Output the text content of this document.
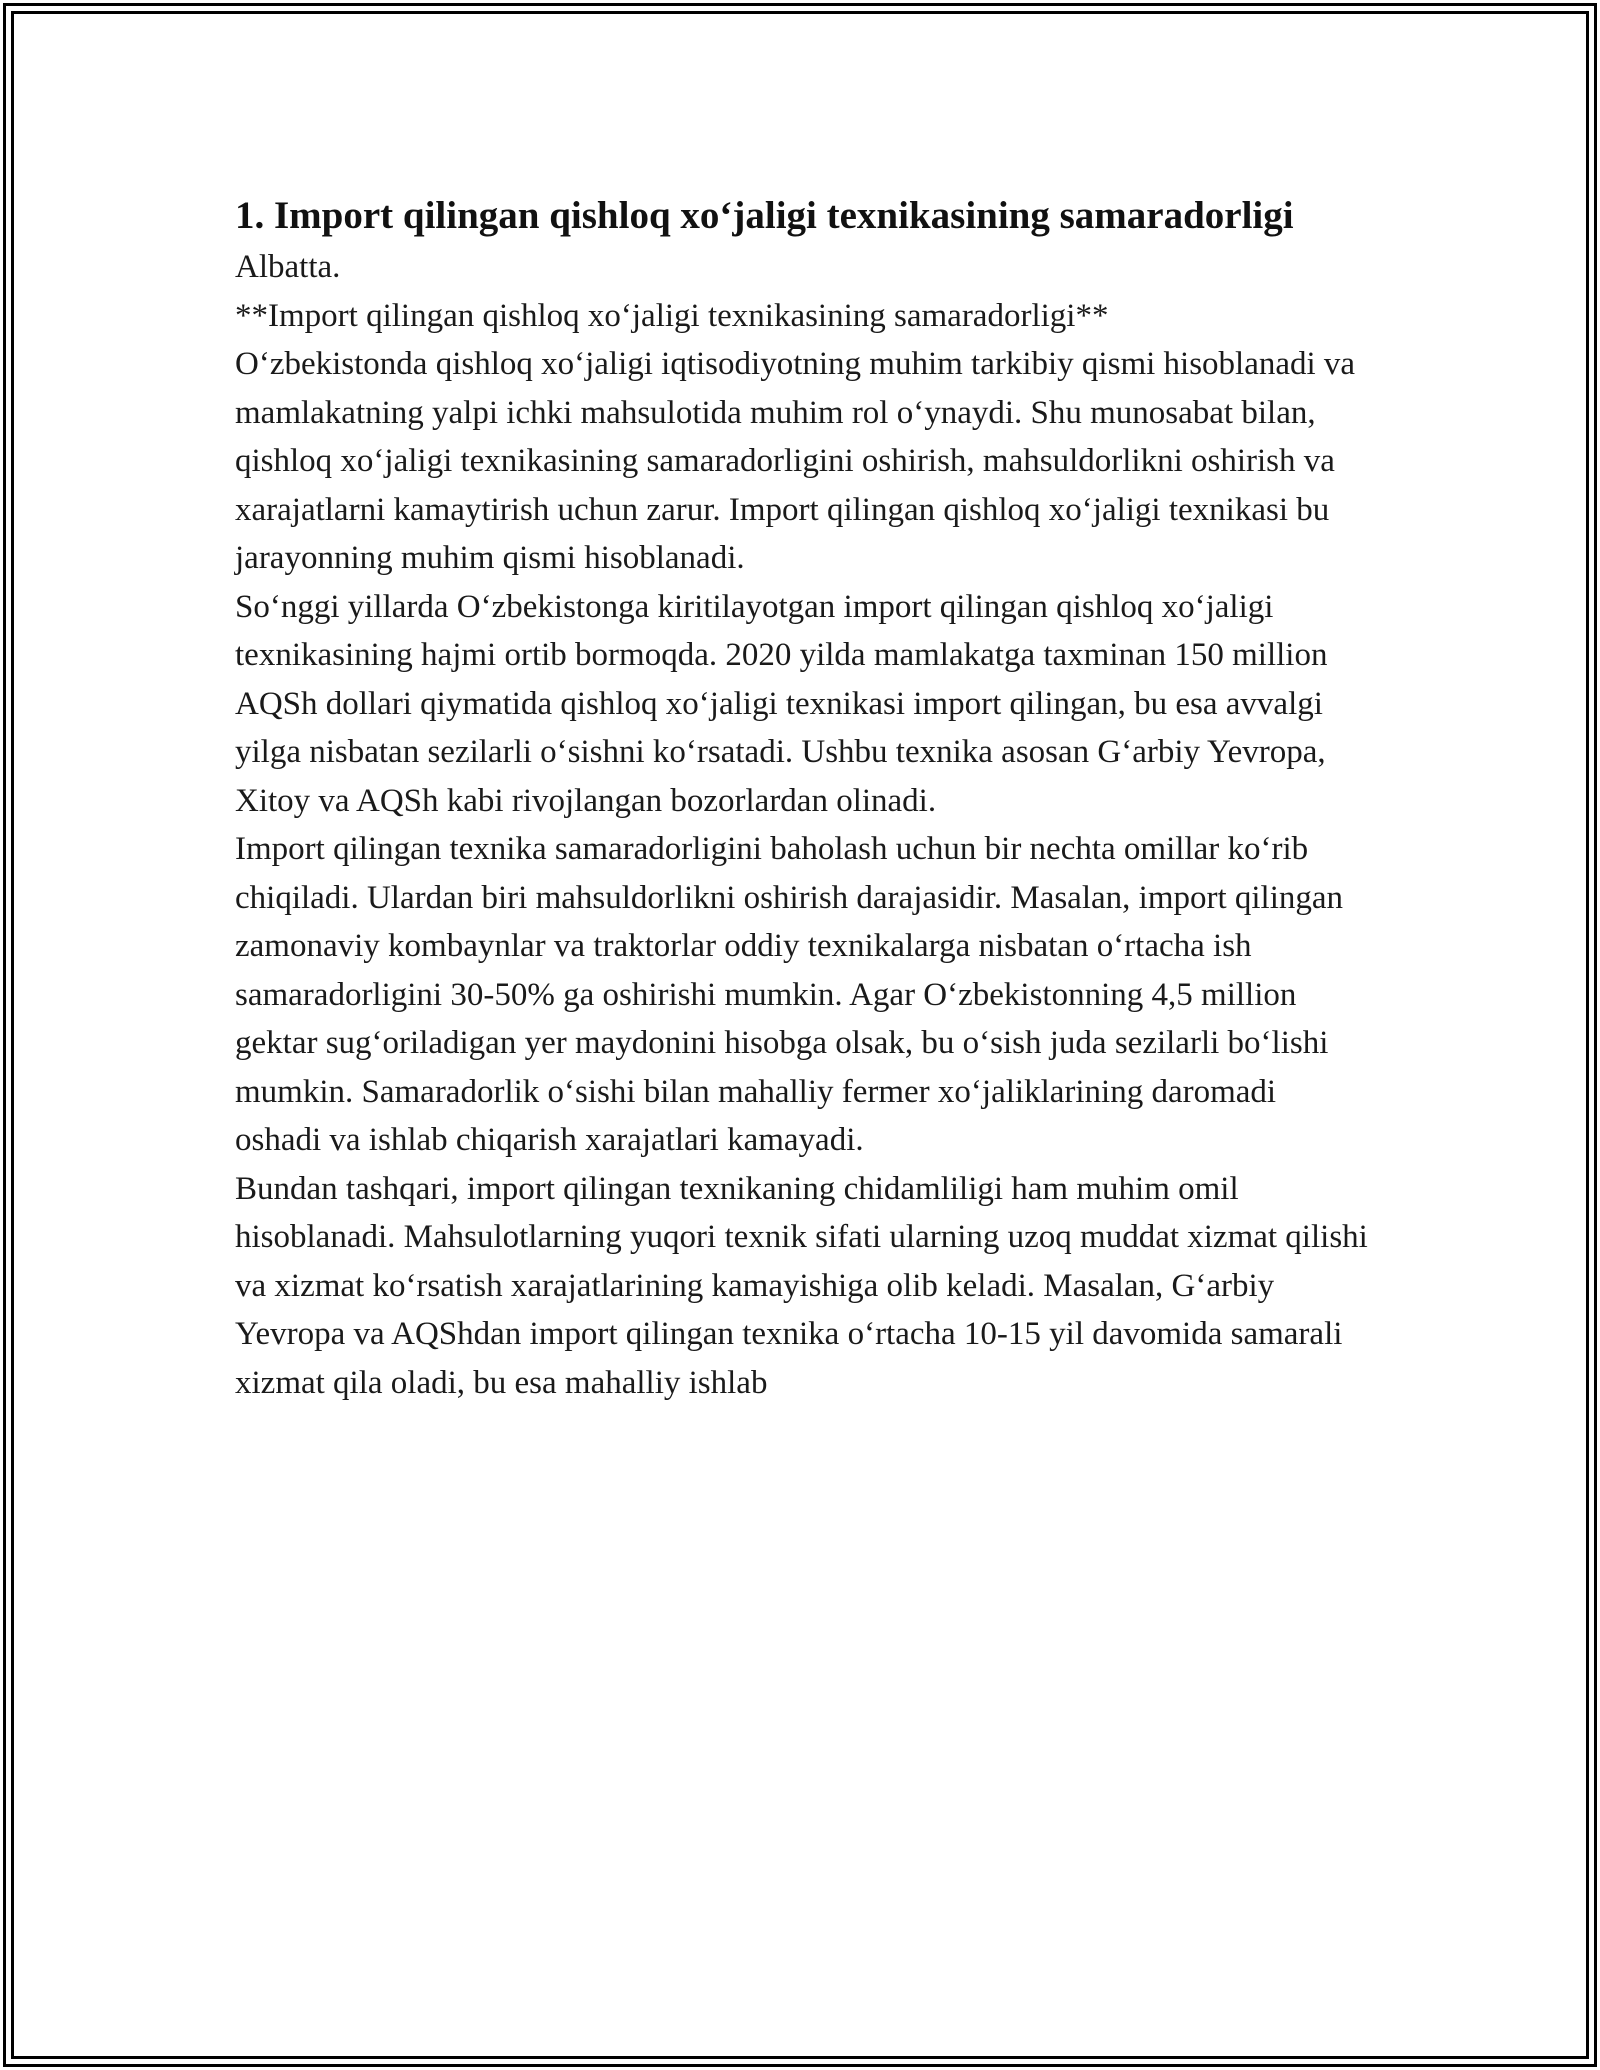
1. Import qilingan qishloq xo‘jaligi texnikasining samaradorligi

Albatta.

**Import qilingan qishloq xo‘jaligi texnikasining samaradorligi**

O‘zbekistonda qishloq xo‘jaligi iqtisodiyotning muhim tarkibiy qismi hisoblanadi va mamlakatning yalpi ichki mahsulotida muhim rol o‘ynaydi. Shu munosabat bilan, qishloq xo‘jaligi texnikasining samaradorligini oshirish, mahsuldorlikni oshirish va xarajatlarni kamaytirish uchun zarur. Import qilingan qishloq xo‘jaligi texnikasi bu jarayonning muhim qismi hisoblanadi.

So‘nggi yillarda O‘zbekistonga kiritilayotgan import qilingan qishloq xo‘jaligi texnikasining hajmi ortib bormoqda. 2020 yilda mamlakatga taxminan 150 million AQSh dollari qiymatida qishloq xo‘jaligi texnikasi import qilingan, bu esa avvalgi yilga nisbatan sezilarli o‘sishni ko‘rsatadi. Ushbu texnika asosan G‘arbiy Yevropa, Xitoy va AQSh kabi rivojlangan bozorlardan olinadi.

Import qilingan texnika samaradorligini baholash uchun bir nechta omillar ko‘rib chiqiladi. Ulardan biri mahsuldorlikni oshirish darajasidir. Masalan, import qilingan zamonaviy kombaynlar va traktorlar oddiy texnikalarga nisbatan o‘rtacha ish samaradorligini 30-50% ga oshirishi mumkin. Agar O‘zbekistonning 4,5 million gektar sug‘oriladigan yer maydonini hisobga olsak, bu o‘sish juda sezilarli bo‘lishi mumkin. Samaradorlik o‘sishi bilan mahalliy fermer xo‘jaliklarining daromadi oshadi va ishlab chiqarish xarajatlari kamayadi.

Bundan tashqari, import qilingan texnikaning chidamliligi ham muhim omil hisoblanadi. Mahsulotlarning yuqori texnik sifati ularning uzoq muddat xizmat qilishi va xizmat ko‘rsatish xarajatlarining kamayishiga olib keladi. Masalan, G‘arbiy Yevropa va AQShdan import qilingan texnika o‘rtacha 10-15 yil davomida samarali xizmat qila oladi, bu esa mahalliy ishlab
